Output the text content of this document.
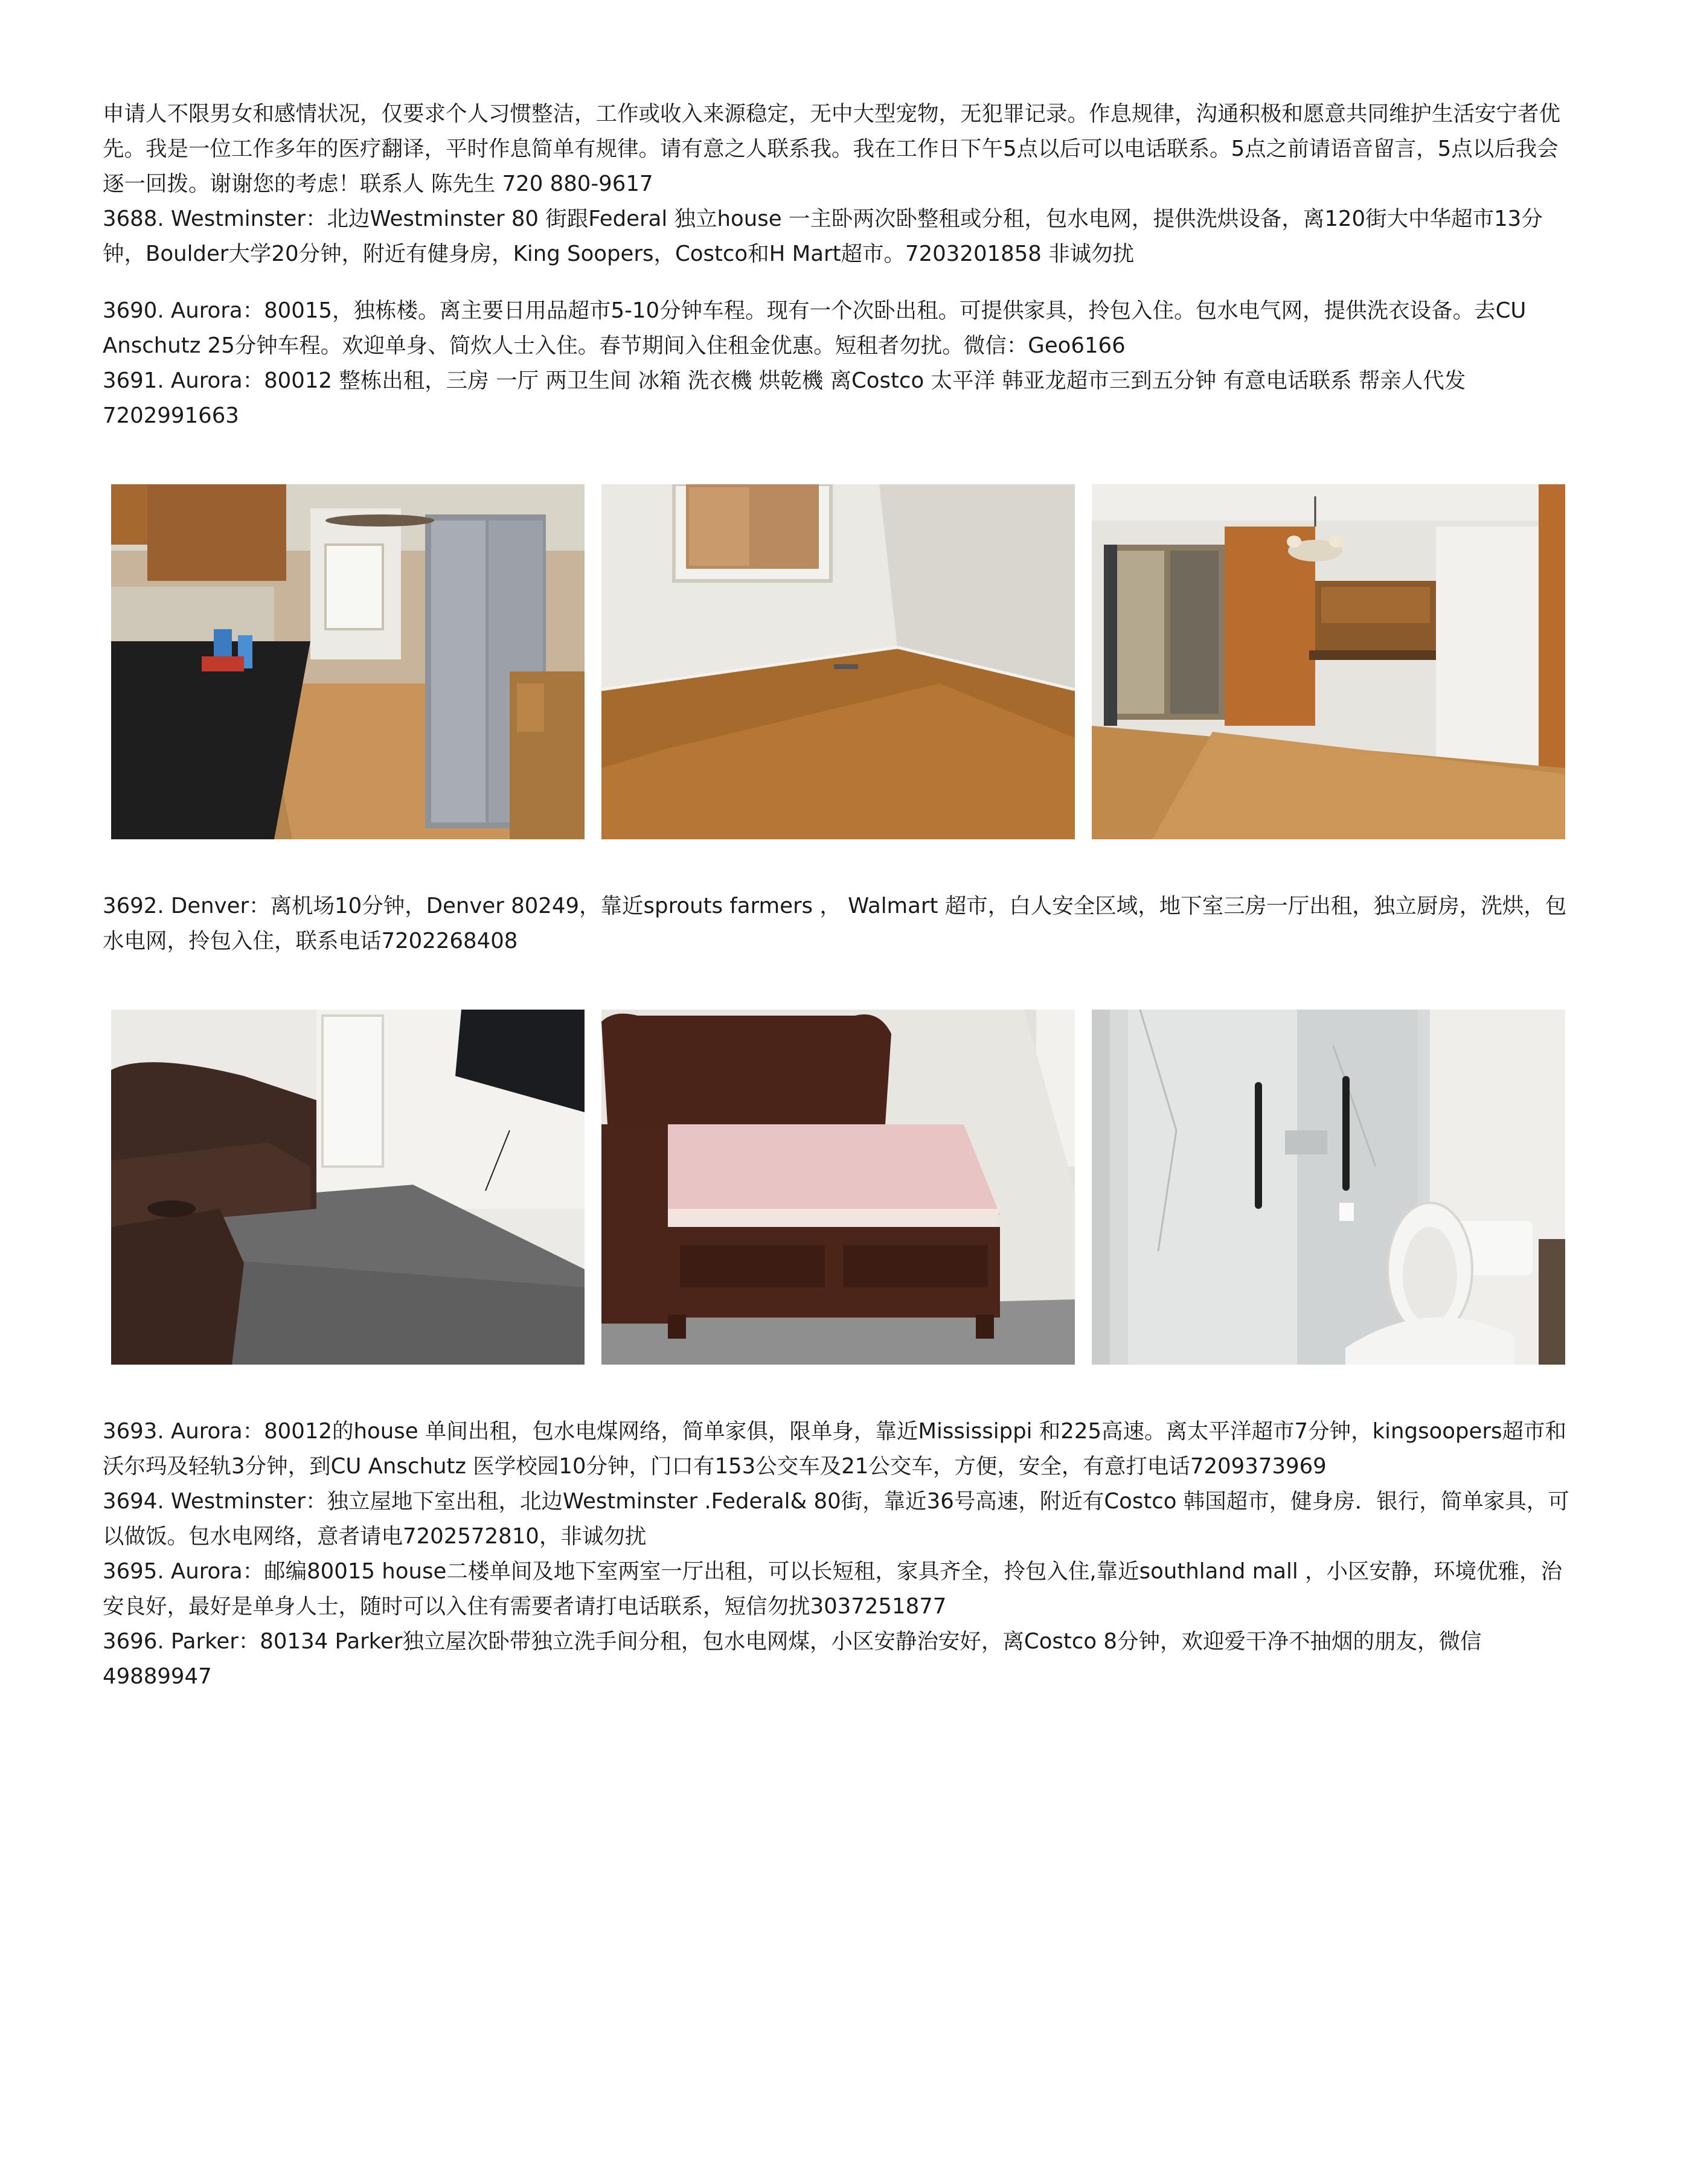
申请人不限男女和感情状况，仅要求个人习惯整洁，工作或收入来源稳定，无中大型宠物，无犯罪记录。作息规律，沟通积极和愿意共同维护生活安宁者优先。我是一位工作多年的医疗翻译，平时作息简单有规律。请有意之人联系我。我在工作日下午5点以后可以电话联系。5点之前请语音留言，5点以后我会逐一回拨。谢谢您的考虑！联系人 陈先生 720 880-9617

3688. Westminster：北边Westminster 80 街跟Federal 独立house 一主卧两次卧整租或分租，包水电网，提供洗烘设备，离120街大中华超市13分钟，Boulder大学20分钟，附近有健身房，King Soopers，Costco和H Mart超市。7203201858 非诚勿扰

3690. Aurora：80015，独栋楼。离主要日用品超市5-10分钟车程。现有一个次卧出租。可提供家具，拎包入住。包水电气网，提供洗衣设备。去CU Anschutz 25分钟车程。欢迎单身、简炊人士入住。春节期间入住租金优惠。短租者勿扰。微信：Geo6166

3691. Aurora：80012 整栋出租，三房 一厅 两卫生间 冰箱 洗衣機 烘乾機 离Costco 太平洋 韩亚龙超市三到五分钟 有意电话联系 帮亲人代发 7202991663

3692. Denver：离机场10分钟，Denver 80249，靠近sprouts farmers ， Walmart 超市，白人安全区域，地下室三房一厅出租，独立厨房，洗烘，包水电网，拎包入住，联系电话7202268408

3693. Aurora：80012的house 单间出租，包水电煤网络，简单家俱，限单身，靠近Mississippi 和225高速。离太平洋超市7分钟，kingsoopers超市和沃尔玛及轻轨3分钟，到CU Anschutz 医学校园10分钟，门口有153公交车及21公交车，方便，安全，有意打电话7209373969

3694. Westminster：独立屋地下室出租，北边Westminster .Federal& 80街，靠近36号高速，附近有Costco 韩国超市，健身房．银行，简单家具，可以做饭。包水电网络，意者请电7202572810，非诚勿扰

3695. Aurora：邮编80015 house二楼单间及地下室两室一厅出租，可以长短租，家具齐全，拎包入住,靠近southland mall ，小区安静，环境优雅，治安良好，最好是单身人士，随时可以入住有需要者请打电话联系，短信勿扰3037251877

3696. Parker：80134 Parker独立屋次卧带独立洗手间分租，包水电网煤，小区安静治安好，离Costco 8分钟，欢迎爱干净不抽烟的朋友，微信 49889947
